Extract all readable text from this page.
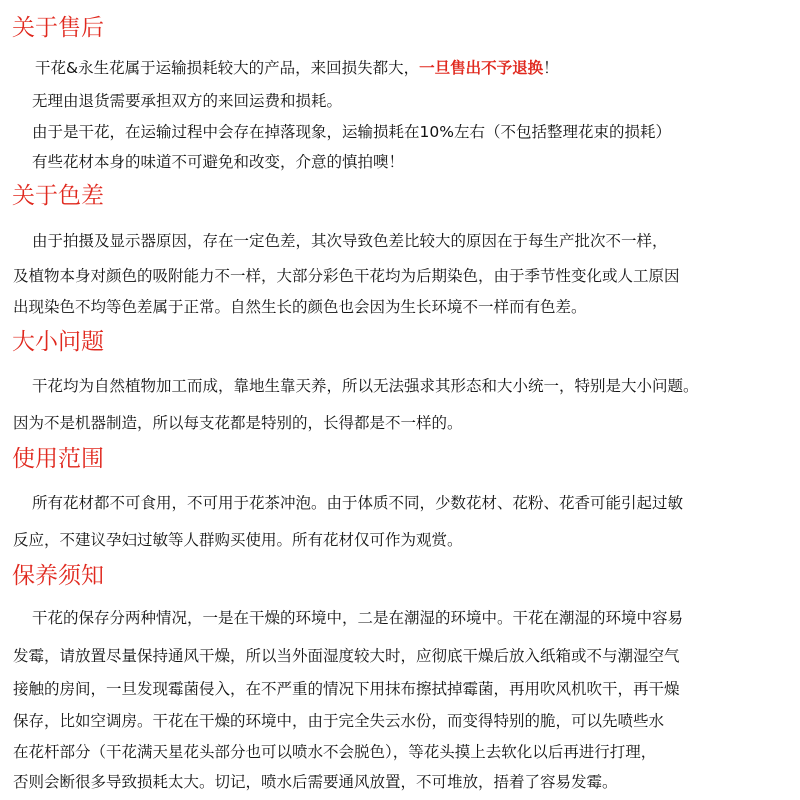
关于售后
干花&永生花属于运输损耗较大的产品，来回损失都大，一旦售出不予退换！
无理由退货需要承担双方的来回运费和损耗。
由于是干花，在运输过程中会存在掉落现象，运输损耗在10%左右（不包括整理花束的损耗）
有些花材本身的味道不可避免和改变，介意的慎拍噢！
关于色差
由于拍摄及显示器原因，存在一定色差，其次导致色差比较大的原因在于每生产批次不一样，
及植物本身对颜色的吸附能力不一样，大部分彩色干花均为后期染色，由于季节性变化或人工原因
出现染色不均等色差属于正常。自然生长的颜色也会因为生长环境不一样而有色差。
大小问题
干花均为自然植物加工而成，靠地生靠天养，所以无法强求其形态和大小统一，特别是大小问题。
因为不是机器制造，所以每支花都是特别的，长得都是不一样的。
使用范围
所有花材都不可食用，不可用于花茶冲泡。由于体质不同，少数花材、花粉、花香可能引起过敏
反应，不建议孕妇过敏等人群购买使用。所有花材仅可作为观赏。
保养须知
干花的保存分两种情况，一是在干燥的环境中，二是在潮湿的环境中。干花在潮湿的环境中容易
发霉，请放置尽量保持通风干燥，所以当外面湿度较大时，应彻底干燥后放入纸箱或不与潮湿空气
接触的房间，一旦发现霉菌侵入，在不严重的情况下用抹布擦拭掉霉菌，再用吹风机吹干，再干燥
保存，比如空调房。干花在干燥的环境中，由于完全失云水份，而变得特别的脆，可以先喷些水
在花杆部分（干花满天星花头部分也可以喷水不会脱色），等花头摸上去软化以后再进行打理，
否则会断很多导致损耗太大。切记，喷水后需要通风放置，不可堆放，捂着了容易发霉。
